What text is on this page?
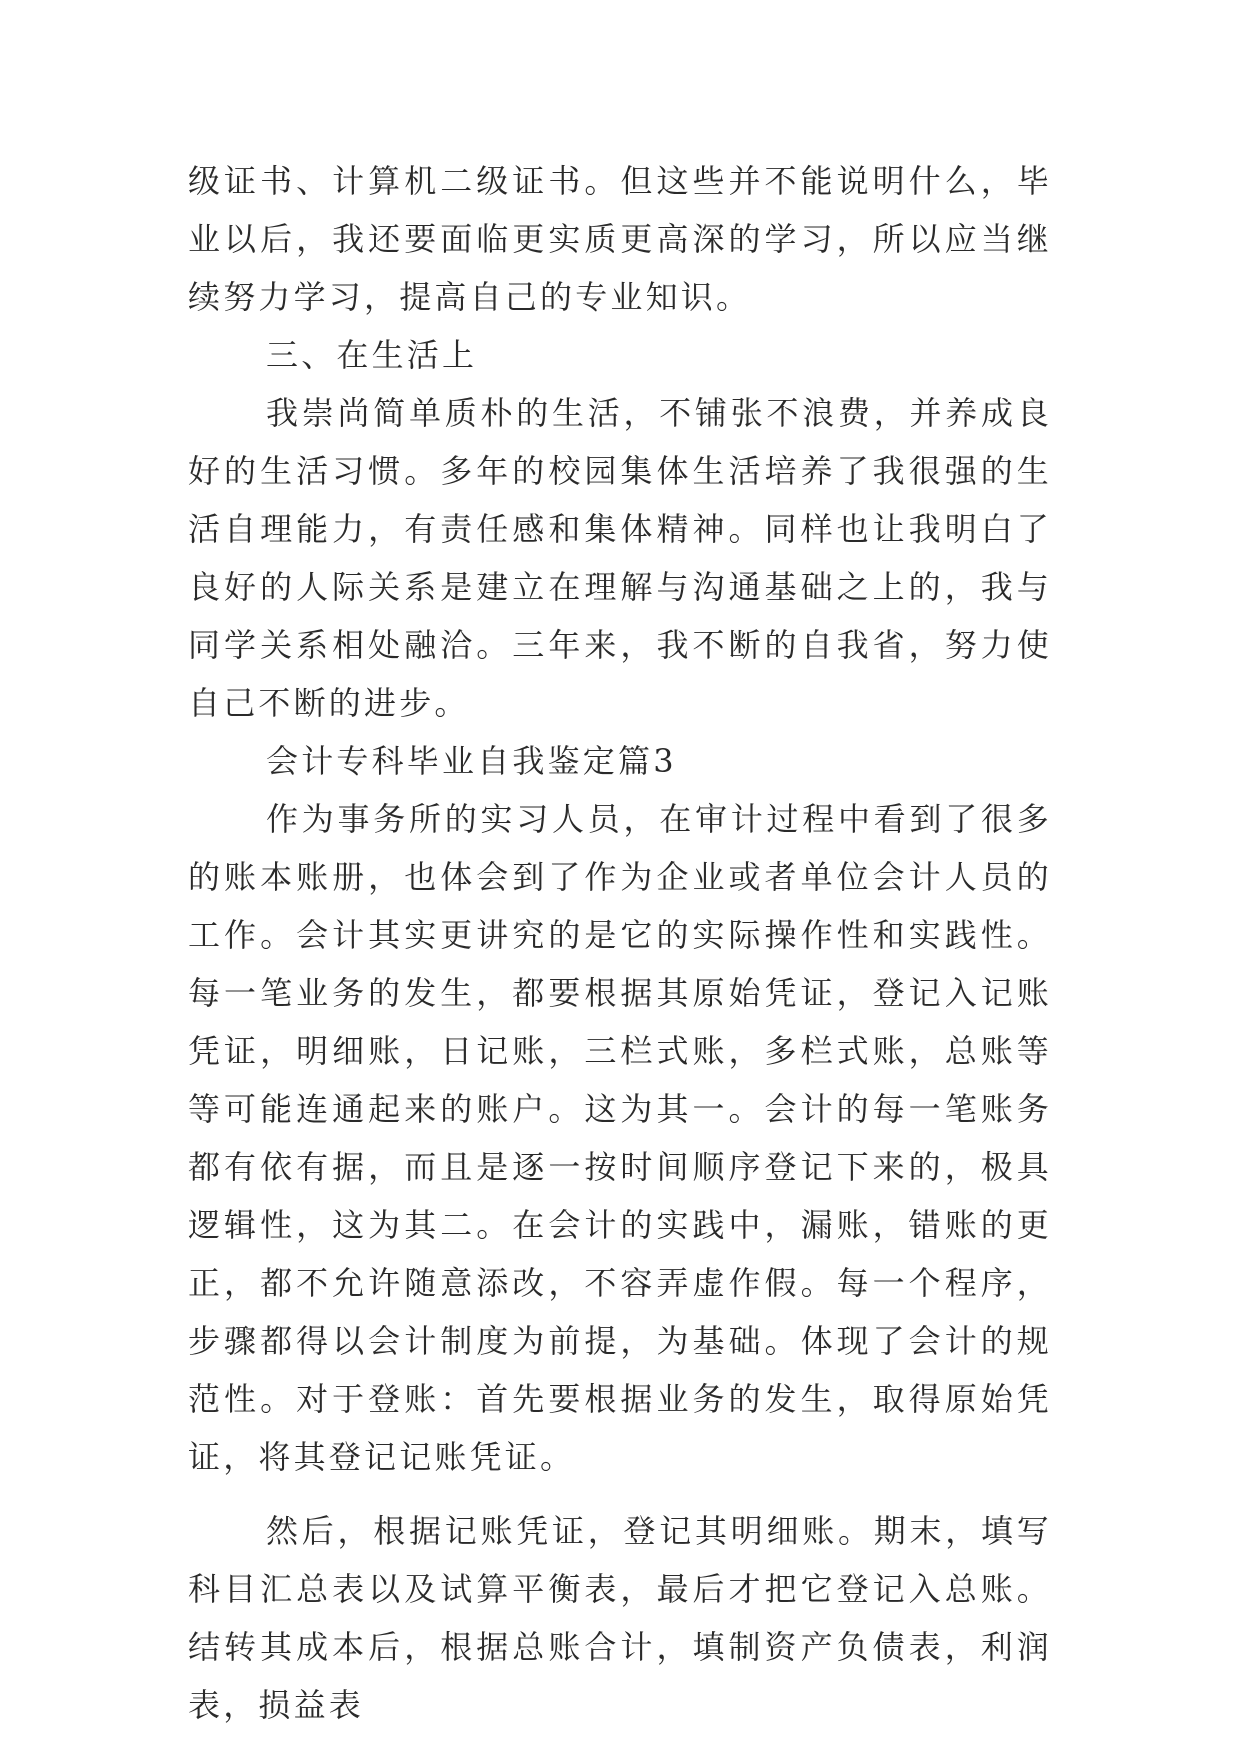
级证书、计算机二级证书。但这些并不能说明什么，毕业以后，我还要面临更实质更高深的学习，所以应当继续努力学习，提高自己的专业知识。

三、在生活上

我崇尚简单质朴的生活，不铺张不浪费，并养成良好的生活习惯。多年的校园集体生活培养了我很强的生活自理能力，有责任感和集体精神。同样也让我明白了良好的人际关系是建立在理解与沟通基础之上的，我与同学关系相处融洽。三年来，我不断的自我省，努力使自己不断的进步。

会计专科毕业自我鉴定篇3

作为事务所的实习人员，在审计过程中看到了很多的账本账册，也体会到了作为企业或者单位会计人员的工作。会计其实更讲究的是它的实际操作性和实践性。每一笔业务的发生，都要根据其原始凭证，登记入记账凭证，明细账，日记账，三栏式账，多栏式账，总账等等可能连通起来的账户。这为其一。会计的每一笔账务都有依有据，而且是逐一按时间顺序登记下来的，极具逻辑性，这为其二。在会计的实践中，漏账，错账的更正，都不允许随意添改，不容弄虚作假。每一个程序，步骤都得以会计制度为前提，为基础。体现了会计的规范性。对于登账：首先要根据业务的发生，取得原始凭证，将其登记记账凭证。

然后，根据记账凭证，登记其明细账。期末，填写科目汇总表以及试算平衡表，最后才把它登记入总账。结转其成本后，根据总账合计，填制资产负债表，利润表，损益表
